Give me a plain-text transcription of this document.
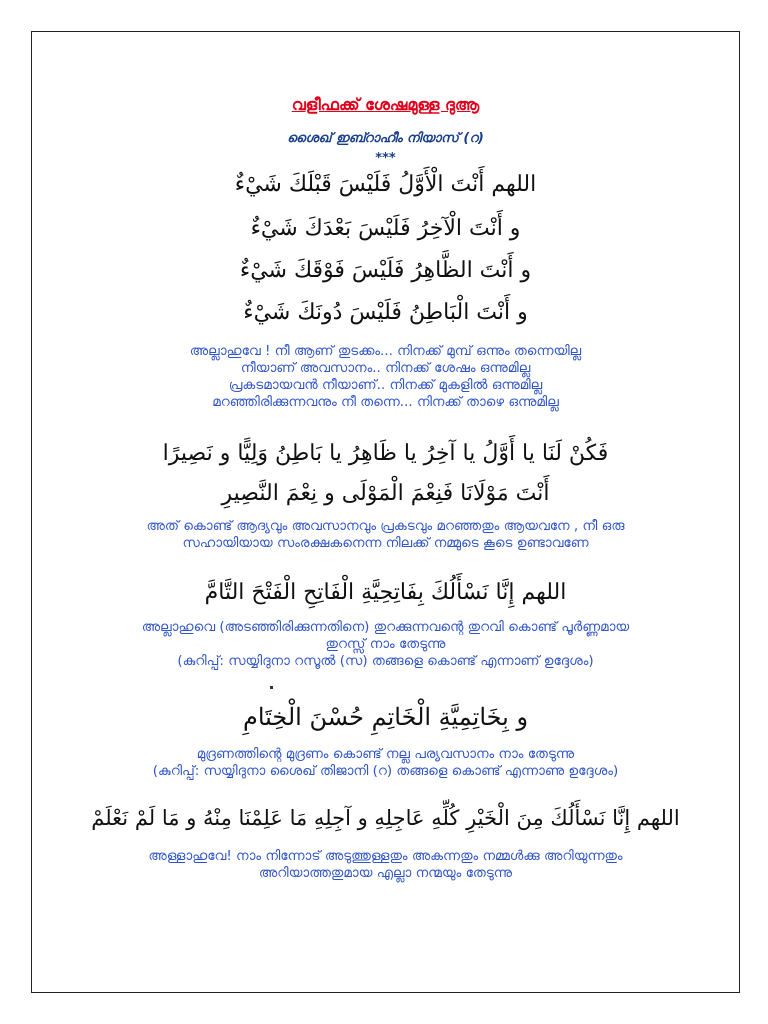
വളീഫക്ക് ശേഷമുള്ള ദുആ
ശൈഖ് ഇബ്റാഹീം നിയാസ് (റ)
***
اللهم أَنْتَ الْأَوَّلُ فَلَيْسَ قَبْلَكَ شَيْءٌ
و أَنْتَ الْآخِرُ فَلَيْسَ بَعْدَكَ شَيْءٌ
و أَنْتَ الظَّاهِرُ فَلَيْسَ فَوْقَكَ شَيْءٌ
و أَنْتَ الْبَاطِنُ فَلَيْسَ دُونَكَ شَيْءٌ
അല്ലാഹുവേ ! നീ ആണ് തുടക്കം... നിനക്ക് മുമ്പ് ഒന്നും തന്നെയില്ല
നീയാണ് അവസാനം.. നിനക്ക് ശേഷം ഒന്നുമില്ല
പ്രകടമായവൻ നീയാണ്.. നിനക്ക് മുകളിൽ ഒന്നുമില്ല
മറഞ്ഞിരിക്കുന്നവനും നീ തന്നെ... നിനക്ക് താഴെ ഒന്നുമില്ല
فَكُنْ لَنَا يا أَوَّلُ يا آخِرُ يا ظَاهِرُ يا بَاطِنُ وَلِيًّا و نَصِيرًا
أَنْتَ مَوْلَانَا فَنِعْمَ الْمَوْلَى و نِعْمَ النَّصِيرِ
അത് കൊണ്ട് ആദ്യവും അവസാനവും പ്രകടവും മറഞ്ഞതും ആയവനേ , നീ ഒരു
സഹായിയായ സംരക്ഷകനെന്ന നിലക്ക് നമ്മുടെ കൂടെ ഉണ്ടാവണേ
اللهم إِنَّا نَسْأَلُكَ بِفَاتِحِيَّةِ الْفَاتِحِ الْفَتْحَ التَّامَّ
അല്ലാഹുവെ (അടഞ്ഞിരിക്കുന്നതിനെ) തുറക്കുന്നവന്റെ തുറവി കൊണ്ട് പൂർണ്ണമായ
തുറസ്സ് നാം തേടുന്നു
(കുറിപ്പ്: സയ്യിദുനാ റസൂൽ (സ) തങ്ങളെ കൊണ്ട് എന്നാണ് ഉദ്ദേശം)
و بِخَاتِمِيَّةِ الْخَاتِمِ حُسْنَ الْخِتَامِ
മുദ്രണത്തിന്റെ മുദ്രണം കൊണ്ട് നല്ല പര്യവസാനം നാം തേടുന്നു
(കുറിപ്പ്: സയ്യിദുനാ ശൈഖ് തിജാനി (റ) തങ്ങളെ കൊണ്ട് എന്നാണു ഉദ്ദേശം)
اللهم إِنَّا نَسْأَلُكَ مِنَ الْخَيْرِ كُلِّهِ عَاجِلِهِ و آجِلِهِ مَا عَلِمْنَا مِنْهُ و مَا لَمْ نَعْلَمْ
അള്ളാഹുവേ! നാം നിന്നോട് അടുത്തുള്ളതും അകന്നതും നമ്മൾക്കു അറിയുന്നതും
അറിയാത്തതുമായ എല്ലാ നന്മയും തേടുന്നു
